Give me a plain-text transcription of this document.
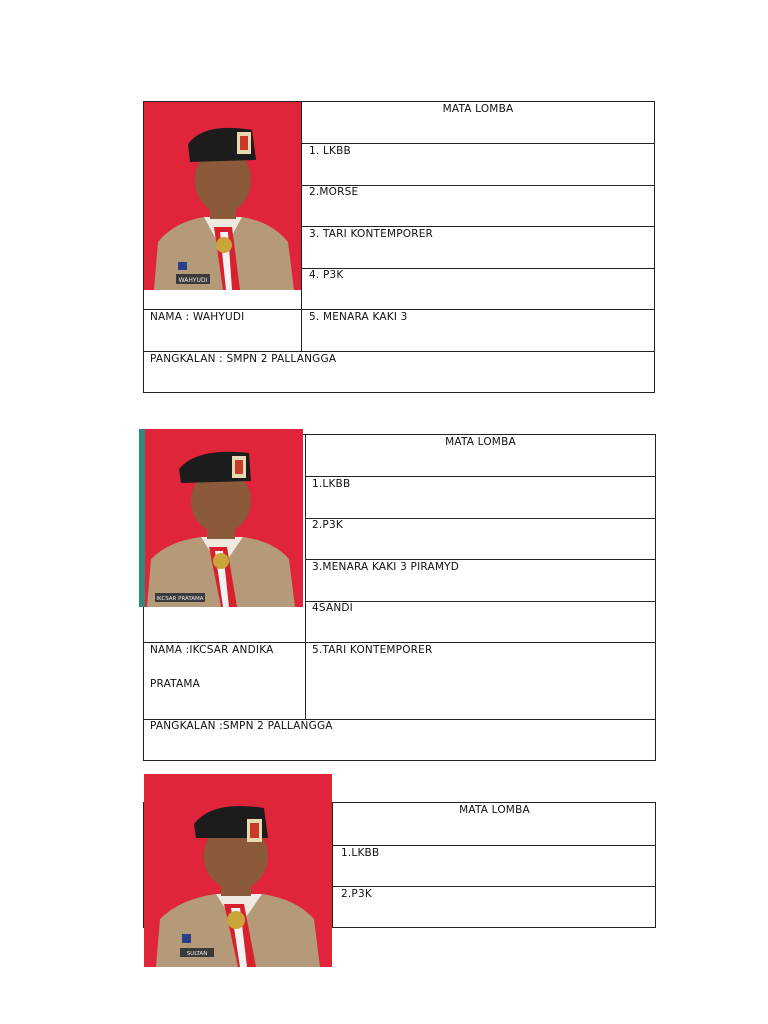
WAHYUDI
MATA LOMBA
1. LKBB
2.MORSE
3. TARI KONTEMPORER
4. P3K
5. MENARA KAKI 3
NAMA : WAHYUDI
PANGKALAN : SMPN 2 PALLANGGA
MATA LOMBA
1.LKBB
2.P3K
3.MENARA KAKI 3 PIRAMYD
4SANDI
5.TARI KONTEMPORER
NAMA :IKCSAR ANDIKA
PRATAMA
PANGKALAN :SMPN 2 PALLANGGA
IKCSAR PRATAMA
MATA LOMBA
1.LKBB
2.P3K
SULTAN
